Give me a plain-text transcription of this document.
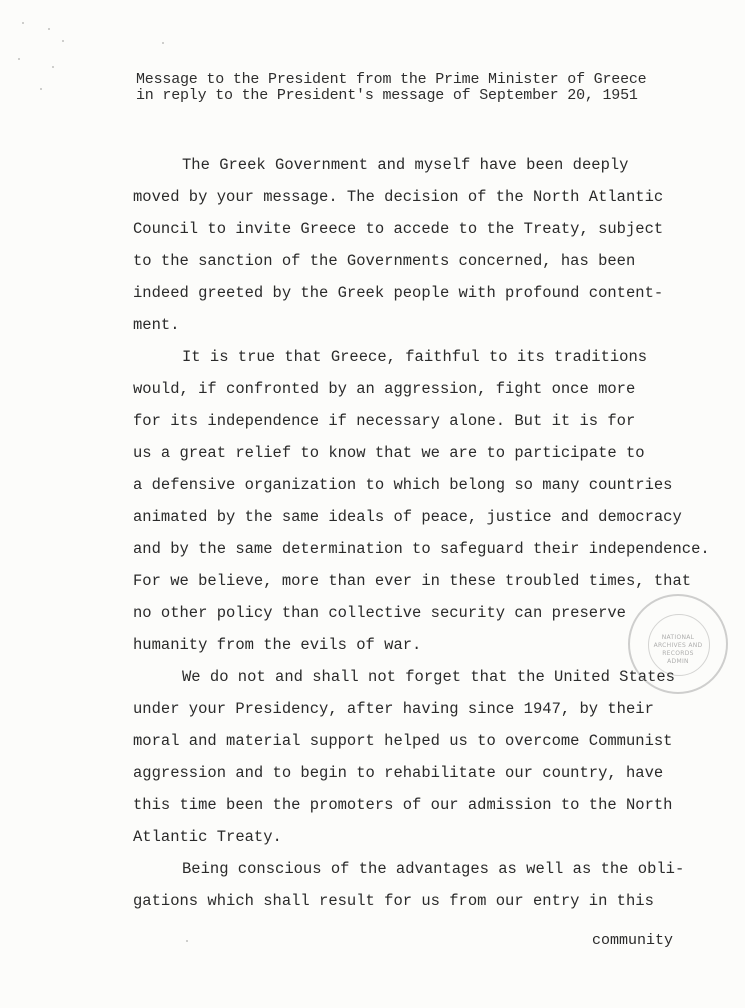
Message to the President from the Prime Minister of Greece
in reply to the President's message of September 20, 1951
The Greek Government and myself have been deeply
moved by your message. The decision of the North Atlantic
Council to invite Greece to accede to the Treaty, subject
to the sanction of the Governments concerned, has been
indeed greeted by the Greek people with profound content-
ment.
It is true that Greece, faithful to its traditions
would, if confronted by an aggression, fight once more
for its independence if necessary alone. But it is for
us a great relief to know that we are to participate to
a defensive organization to which belong so many countries
animated by the same ideals of peace, justice and democracy
and by the same determination to safeguard their independence.
For we believe, more than ever in these troubled times, that
no other policy than collective security can preserve
humanity from the evils of war.
We do not and shall not forget that the United States
under your Presidency, after having since 1947, by their
moral and material support helped us to overcome Communist
aggression and to begin to rehabilitate our country, have
this time been the promoters of our admission to the North
Atlantic Treaty.
Being conscious of the advantages as well as the obli-
gations which shall result for us from our entry in this
NATIONAL
ARCHIVES AND
RECORDS
ADMIN
community
